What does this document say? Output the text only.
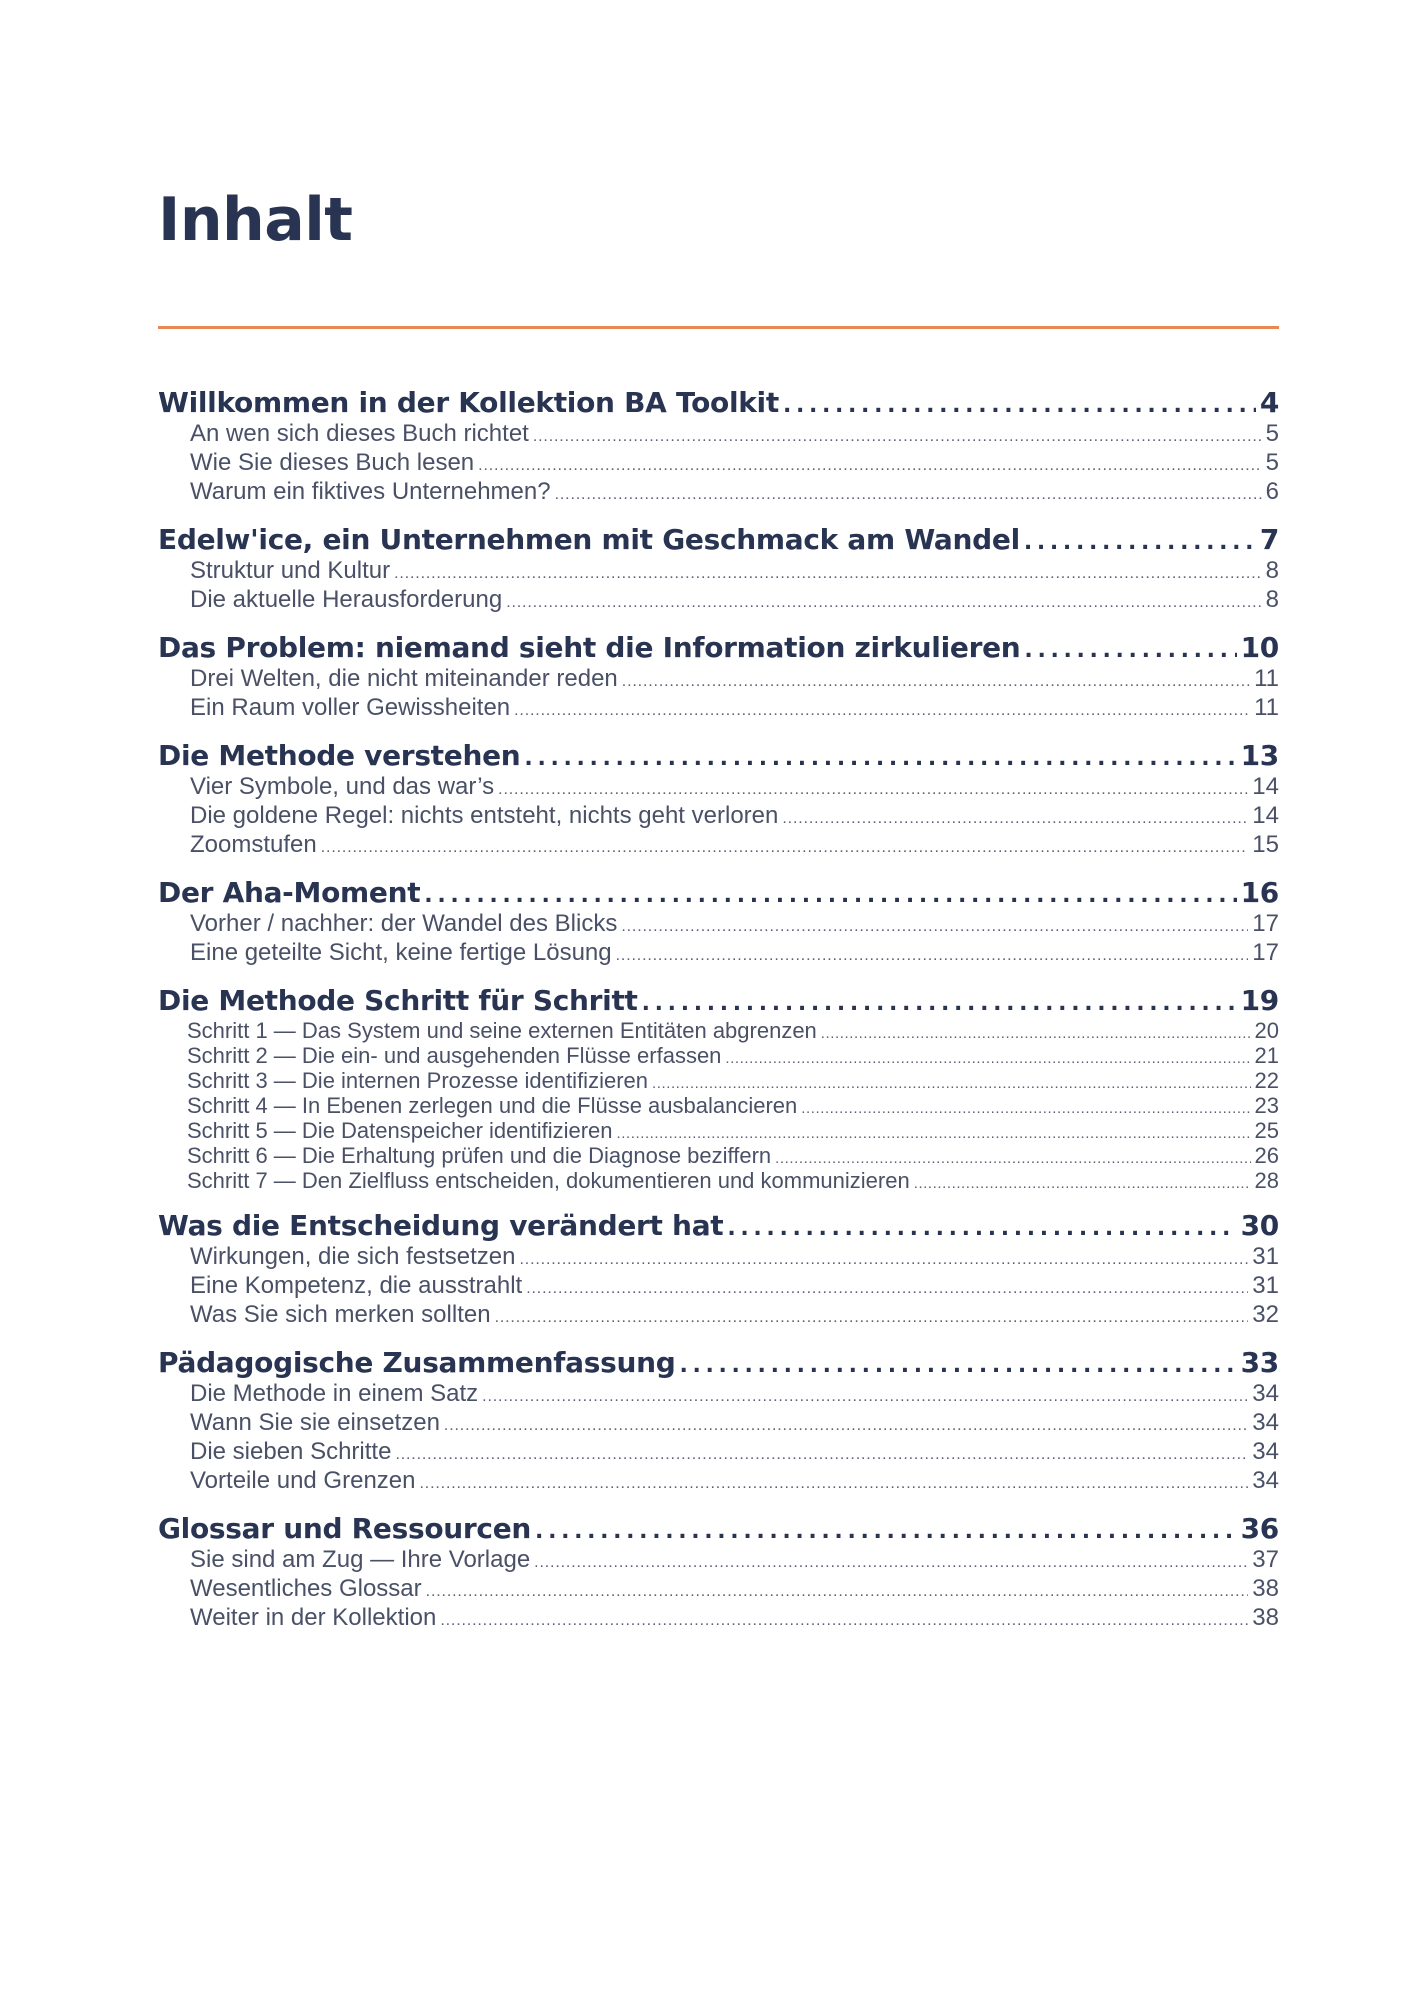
Inhalt
Willkommen in der Kollektion BA Toolkit . . .	4
An wen sich dieses Buch richtet . . .	5
Wie Sie dieses Buch lesen . . .	5
Warum ein fiktives Unternehmen? . . .	6
Edelw'ice, ein Unternehmen mit Geschmack am Wandel . . .	7
Struktur und Kultur . . .	8
Die aktuelle Herausforderung . . .	8
Das Problem: niemand sieht die Information zirkulieren . . .	10
Drei Welten, die nicht miteinander reden . . .	11
Ein Raum voller Gewissheiten . . .	11
Die Methode verstehen . . .	13
Vier Symbole, und das war’s . . .	14
Die goldene Regel: nichts entsteht, nichts geht verloren . . .	14
Zoomstufen . . .	15
Der Aha-Moment . . .	16
Vorher / nachher: der Wandel des Blicks . . .	17
Eine geteilte Sicht, keine fertige Lösung . . .	17
Die Methode Schritt für Schritt . . .	19
Schritt 1 — Das System und seine externen Entitäten abgrenzen . . .	20
Schritt 2 — Die ein- und ausgehenden Flüsse erfassen . . .	21
Schritt 3 — Die internen Prozesse identifizieren . . .	22
Schritt 4 — In Ebenen zerlegen und die Flüsse ausbalancieren . . .	23
Schritt 5 — Die Datenspeicher identifizieren . . .	25
Schritt 6 — Die Erhaltung prüfen und die Diagnose beziffern . . .	26
Schritt 7 — Den Zielfluss entscheiden, dokumentieren und kommunizieren . . .	28
Was die Entscheidung verändert hat . . .	30
Wirkungen, die sich festsetzen . . .	31
Eine Kompetenz, die ausstrahlt . . .	31
Was Sie sich merken sollten . . .	32
Pädagogische Zusammenfassung . . .	33
Die Methode in einem Satz . . .	34
Wann Sie sie einsetzen . . .	34
Die sieben Schritte . . .	34
Vorteile und Grenzen . . .	34
Glossar und Ressourcen . . .	36
Sie sind am Zug — Ihre Vorlage . . .	37
Wesentliches Glossar . . .	38
Weiter in der Kollektion . . .	38
